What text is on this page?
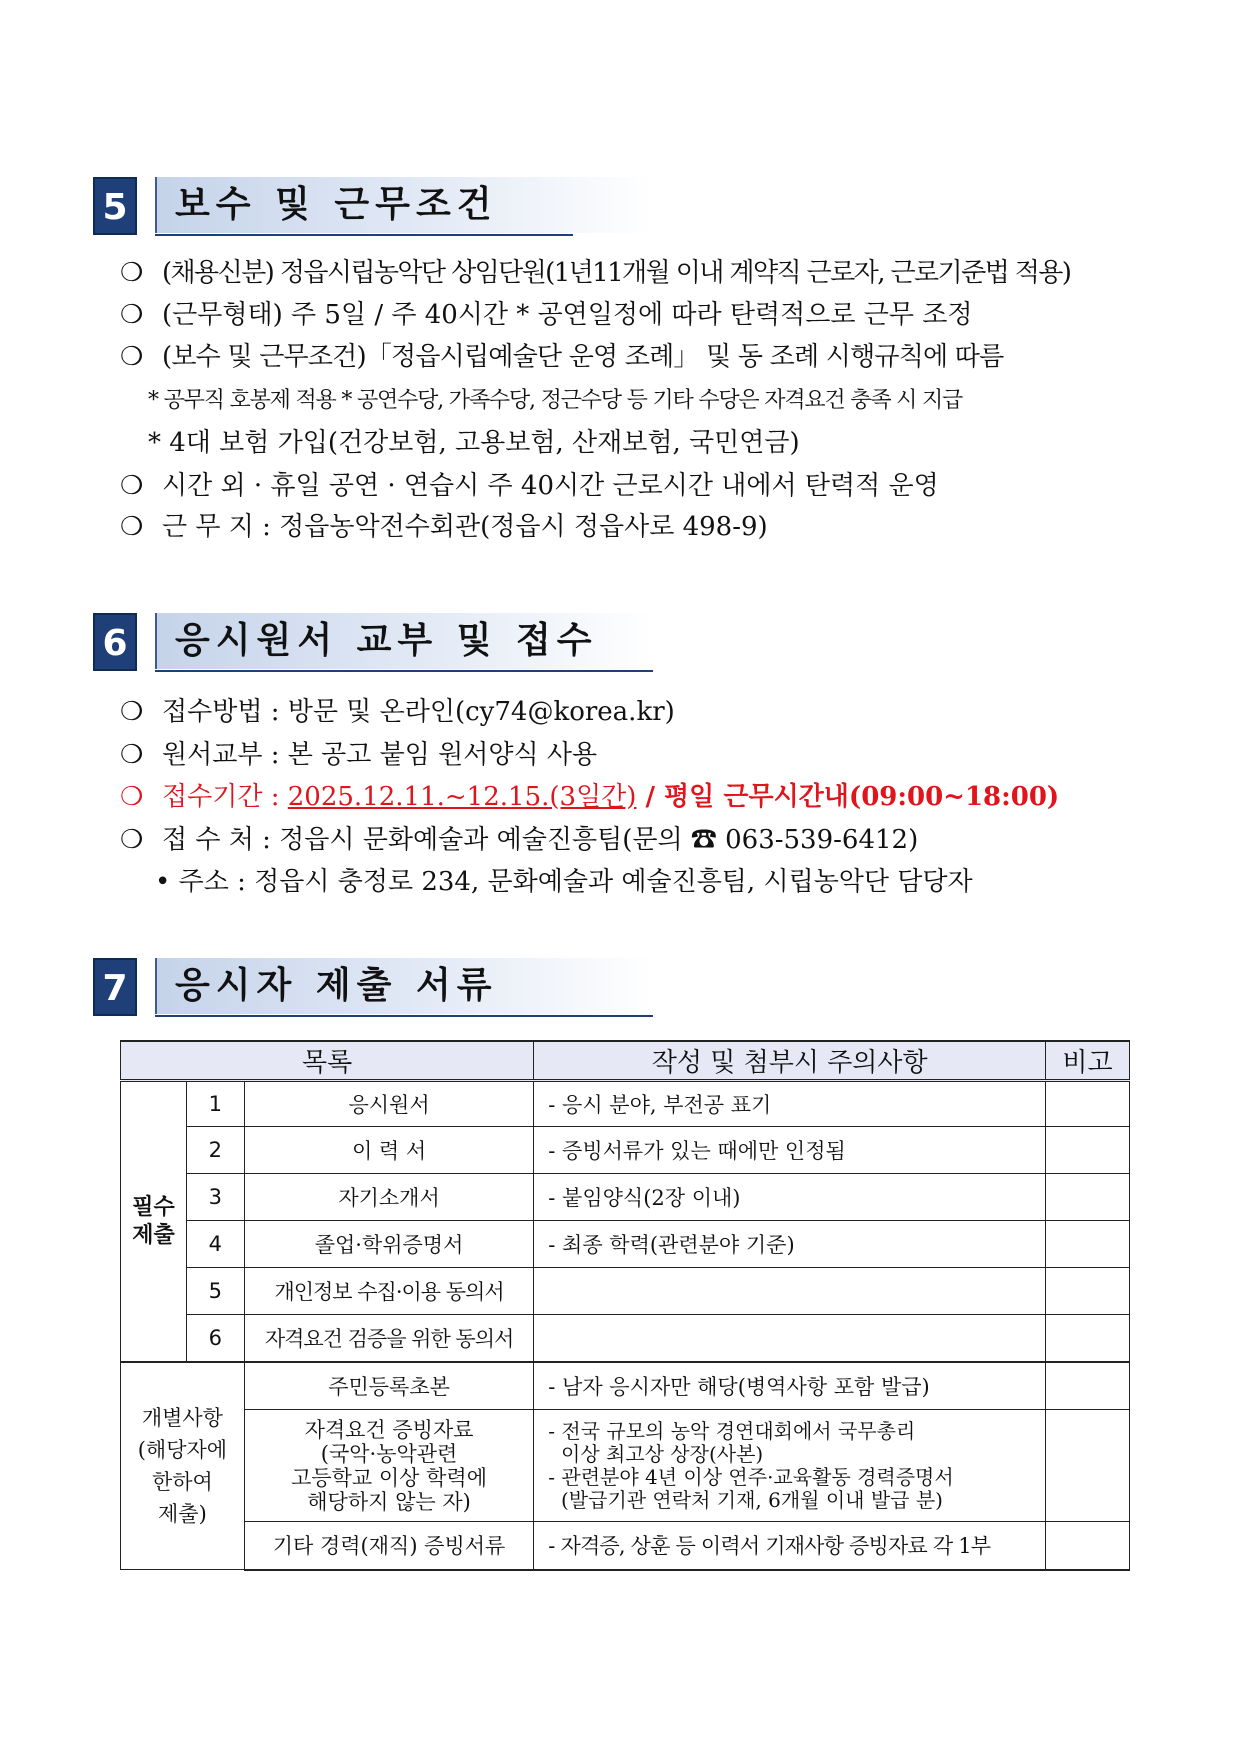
5	보수 및 근무조건
❍ (채용신분) 정읍시립농악단 상임단원(1년11개월 이내 계약직 근로자, 근로기준법 적용)
❍ (근무형태) 주 5일 / 주 40시간 * 공연일정에 따라 탄력적으로 근무 조정
❍ (보수 및 근무조건)「정읍시립예술단 운영 조례」 및 동 조례 시행규칙에 따름
* 공무직 호봉제 적용 * 공연수당, 가족수당, 정근수당 등 기타 수당은 자격요건 충족 시 지급
* 4대 보험 가입(건강보험, 고용보험, 산재보험, 국민연금)
❍ 시간 외 · 휴일 공연 · 연습시 주 40시간 근로시간 내에서 탄력적 운영
❍ 근 무 지 : 정읍농악전수회관(정읍시 정읍사로 498-9)
6	응시원서 교부 및 접수
❍ 접수방법 : 방문 및 온라인(cy74@korea.kr)
❍ 원서교부 : 본 공고 붙임 원서양식 사용
❍ 접수기간 : 2025.12.11.~12.15.(3일간) / 평일 근무시간내(09:00~18:00)
❍ 접 수 처 : 정읍시 문화예술과 예술진흥팀(문의 ☎ 063-539-6412)
• 주소 : 정읍시 충정로 234, 문화예술과 예술진흥팀, 시립농악단 담당자
7	응시자 제출 서류
목록			작성 및 첨부시 주의사항	비고
필수
제출	1	응시원서	- 응시 분야, 부전공 표기	
	2	이 력 서	- 증빙서류가 있는 때에만 인정됨	
	3	자기소개서	- 붙임양식(2장 이내)	
	4	졸업·학위증명서	- 최종 학력(관련분야 기준)	
	5	개인정보 수집·이용 동의서		
	6	자격요건 검증을 위한 동의서		
개별사항
(해당자에
한하여
제출)		주민등록초본	- 남자 응시자만 해당(병역사항 포함 발급)	
		자격요건 증빙자료
(국악·농악관련
고등학교 이상 학력에
해당하지 않는 자)	- 전국 규모의 농악 경연대회에서 국무총리
이상 최고상 상장(사본)
- 관련분야 4년 이상 연주·교육활동 경력증명서
(발급기관 연락처 기재, 6개월 이내 발급 분)	
		기타 경력(재직) 증빙서류	- 자격증, 상훈 등 이력서 기재사항 증빙자료 각 1부	
